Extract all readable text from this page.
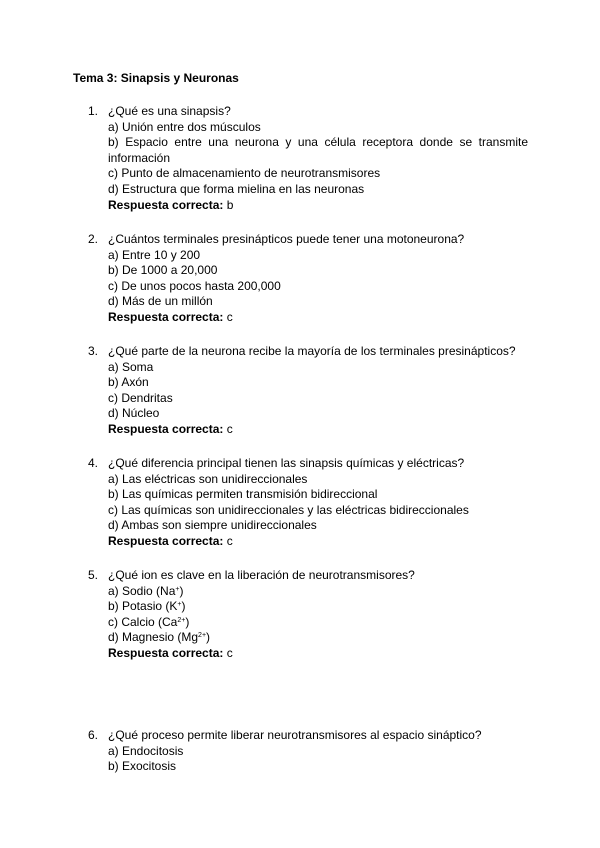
Tema 3: Sinapsis y Neuronas
1. ¿Qué es una sinapsis?
a) Unión entre dos músculos
b) Espacio entre una neurona y una célula receptora donde se transmite información
c) Punto de almacenamiento de neurotransmisores
d) Estructura que forma mielina en las neuronas
Respuesta correcta: b
2. ¿Cuántos terminales presinápticos puede tener una motoneurona?
a) Entre 10 y 200
b) De 1000 a 20,000
c) De unos pocos hasta 200,000
d) Más de un millón
Respuesta correcta: c
3. ¿Qué parte de la neurona recibe la mayoría de los terminales presinápticos?
a) Soma
b) Axón
c) Dendritas
d) Núcleo
Respuesta correcta: c
4. ¿Qué diferencia principal tienen las sinapsis químicas y eléctricas?
a) Las eléctricas son unidireccionales
b) Las químicas permiten transmisión bidireccional
c) Las químicas son unidireccionales y las eléctricas bidireccionales
d) Ambas son siempre unidireccionales
Respuesta correcta: c
5. ¿Qué ion es clave en la liberación de neurotransmisores?
a) Sodio (Na+)
b) Potasio (K+)
c) Calcio $(Ca^{2+})$
d) Magnesio $(Mg^{2+})$
Respuesta correcta: c
6. ¿Qué proceso permite liberar neurotransmisores al espacio sináptico?
a) Endocitosis
b) Exocitosis
